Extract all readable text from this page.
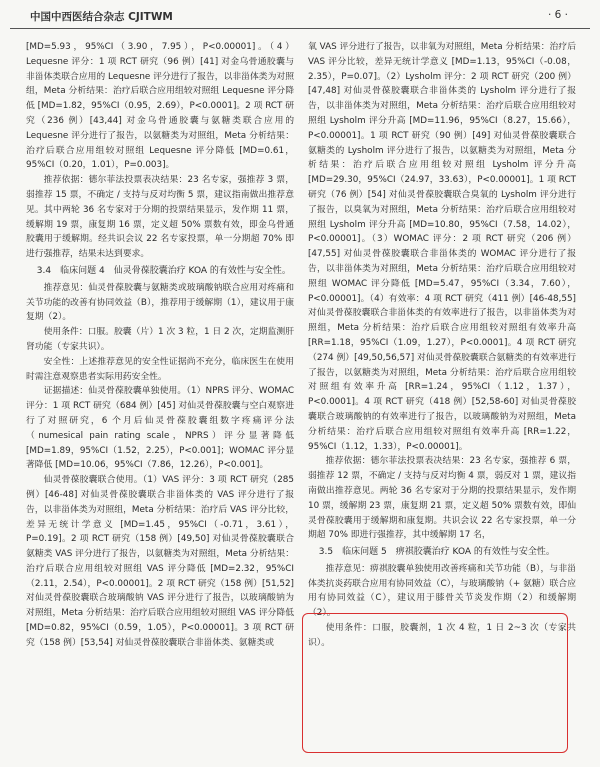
中国中西医结合杂志 CJITWM	· 6 ·

[MD=5.93，95%CI（3.90，7.95），P<0.00001]。（4）Lequesne 评分：1 项 RCT 研究（96 例）[41] 对金乌骨通胶囊与非甾体类联合应用的 Lequesne 评分进行了报告，以非甾体类为对照组，Meta 分析结果：治疗后联合应用组较对照组 Lequesne 评分降低 [MD=1.82，95%CI（0.95，2.69），P<0.0001]。2 项 RCT 研究（236 例）[43,44] 对金乌骨通胶囊与氨糖类联合应用的 Lequesne 评分进行了报告，以氨糖类为对照组，Meta 分析结果：治疗后联合应用组较对照组 Lequesne 评分降低 [MD=0.61，95%CI（0.20，1.01），P=0.003]。

推荐依据：德尔菲法投票表决结果：23 名专家，强推荐 3 票，弱推荐 15 票，不确定 / 支持与反对均衡 5 票，建议指南做出推荐意见。其中两轮 36 名专家对于分期的投票结果显示，发作期 11 票，缓解期 19 票，康复期 16 票，定义超 50% 票数有效，即金乌骨通胶囊用于缓解期。经共识会议 22 名专家投票，单一分期超 70% 即进行强推荐，结果未达到要求。

3.4　临床问题 4　仙灵骨葆胶囊治疗 KOA 的有效性与安全性。

推荐意见：仙灵骨葆胶囊与氨糖类或玻璃酸钠联合应用对疼痛和关节功能的改善有协同效益（B），推荐用于缓解期（1），建议用于康复期（2）。

使用条件：口服。胶囊（片）1 次 3 粒，1 日 2 次，定期监测肝肾功能（专家共识）。

安全性：上述推荐意见的安全性证据尚不充分，临床医生在使用时需注意观察患者实际用药安全性。

证据描述：仙灵骨葆胶囊单独使用。（1）NPRS 评分、WOMAC 评分：1 项 RCT 研究（684 例）[45] 对仙灵骨葆胶囊与空白观察进行了对照研究，6 个月后仙灵骨葆胶囊组数字疼痛评分法（numesical pain rating scale，NPRS）评分显著降低 [MD=1.89，95%CI（1.52，2.25），P<0.001]；WOMAC 评分显著降低 [MD=10.06，95%CI（7.86，12.26），P<0.001]。

仙灵骨葆胶囊联合使用。（1）VAS 评分：3 项 RCT 研究（285 例）[46-48] 对仙灵骨葆胶囊联合非甾体类的 VAS 评分进行了报告，以非甾体类为对照组，Meta 分析结果：治疗后 VAS 评分比较，差异无统计学意义 [MD=1.45，95%CI（-0.71，3.61），P=0.19]。2 项 RCT 研究（158 例）[49,50] 对仙灵骨葆胶囊联合氨糖类 VAS 评分进行了报告，以氨糖类为对照组，Meta 分析结果：治疗后联合应用组较对照组 VAS 评分降低 [MD=2.32，95%CI（2.11，2.54），P<0.00001]。2 项 RCT 研究（158 例）[51,52] 对仙灵骨葆胶囊联合玻璃酸钠 VAS 评分进行了报告，以玻璃酸钠为对照组，Meta 分析结果：治疗后联合应用组较对照组 VAS 评分降低 [MD=0.82，95%CI（0.59，1.05），P<0.00001]。3 项 RCT 研究（158 例）[53,54] 对仙灵骨葆胶囊联合非甾体类、氨糖类或

氧 VAS 评分进行了报告，以非氧为对照组，Meta 分析结果：治疗后 VAS 评分比较，差异无统计学意义 [MD=1.13，95%CI（-0.08，2.35），P=0.07]。（2）Lysholm 评分：2 项 RCT 研究（200 例）[47,48] 对仙灵骨葆胶囊联合非甾体类的 Lysholm 评分进行了报告，以非甾体类为对照组，Meta 分析结果：治疗后联合应用组较对照组 Lysholm 评分升高 [MD=11.96，95%CI（8.27，15.66），P<0.00001]。1 项 RCT 研究（90 例）[49] 对仙灵骨葆胶囊联合氨糖类的 Lysholm 评分进行了报告，以氨糖类为对照组，Meta 分析结果：治疗后联合应用组较对照组 Lysholm 评分升高 [MD=29.30，95%CI（24.97，33.63），P<0.00001]。1 项 RCT 研究（76 例）[54] 对仙灵骨葆胶囊联合臭氧的 Lysholm 评分进行了报告，以臭氧为对照组，Meta 分析结果：治疗后联合应用组较对照组 Lysholm 评分升高 [MD=10.80，95%CI（7.58，14.02），P<0.00001]。（3）WOMAC 评分：2 项 RCT 研究（206 例）[47,55] 对仙灵骨葆胶囊联合非甾体类的 WOMAC 评分进行了报告，以非甾体类为对照组，Meta 分析结果：治疗后联合应用组较对照组 WOMAC 评分降低 [MD=5.47，95%CI（3.34，7.60），P<0.00001]。（4）有效率：4 项 RCT 研究（411 例）[46-48,55] 对仙灵骨葆胶囊联合非甾体类的有效率进行了报告，以非甾体类为对照组，Meta 分析结果：治疗后联合应用组较对照组有效率升高 [RR=1.18，95%CI（1.09，1.27），P<0.0001]。4 项 RCT 研究（274 例）[49,50,56,57] 对仙灵骨葆胶囊联合氨糖类的有效率进行了报告，以氨糖类为对照组，Meta 分析结果：治疗后联合应用组较对照组有效率升高 [RR=1.24，95%CI（1.12，1.37），P<0.0001]。4 项 RCT 研究（418 例）[52,58-60] 对仙灵骨葆胶囊联合玻璃酸钠的有效率进行了报告，以玻璃酸钠为对照组，Meta 分析结果：治疗后联合应用组较对照组有效率升高 [RR=1.22，95%CI（1.12，1.33），P<0.00001]。

推荐依据：德尔菲法投票表决结果：23 名专家，强推荐 6 票，弱推荐 12 票，不确定 / 支持与反对均衡 4 票，弱反对 1 票，建议指南做出推荐意见。两轮 36 名专家对于分期的投票结果显示，发作期 10 票，缓解期 23 票，康复期 21 票，定义超 50% 票数有效，即仙灵骨葆胶囊用于缓解期和康复期。共识会议 22 名专家投票，单一分期超 70% 即进行强推荐，其中缓解期 17 名，

3.5　临床问题 5　痹祺胶囊治疗 KOA 的有效性与安全性。

推荐意见：痹祺胶囊单独使用改善疼痛和关节功能（B），与非甾体类抗炎药联合应用有协同效益（C），与玻璃酸钠（+ 氨糖）联合应用有协同效益（C），建议用于膝骨关节炎发作期（2）和缓解期（2）。

使用条件：口服，胶囊剂，1 次 4 粒，1 日 2~3 次（专家共识）。
